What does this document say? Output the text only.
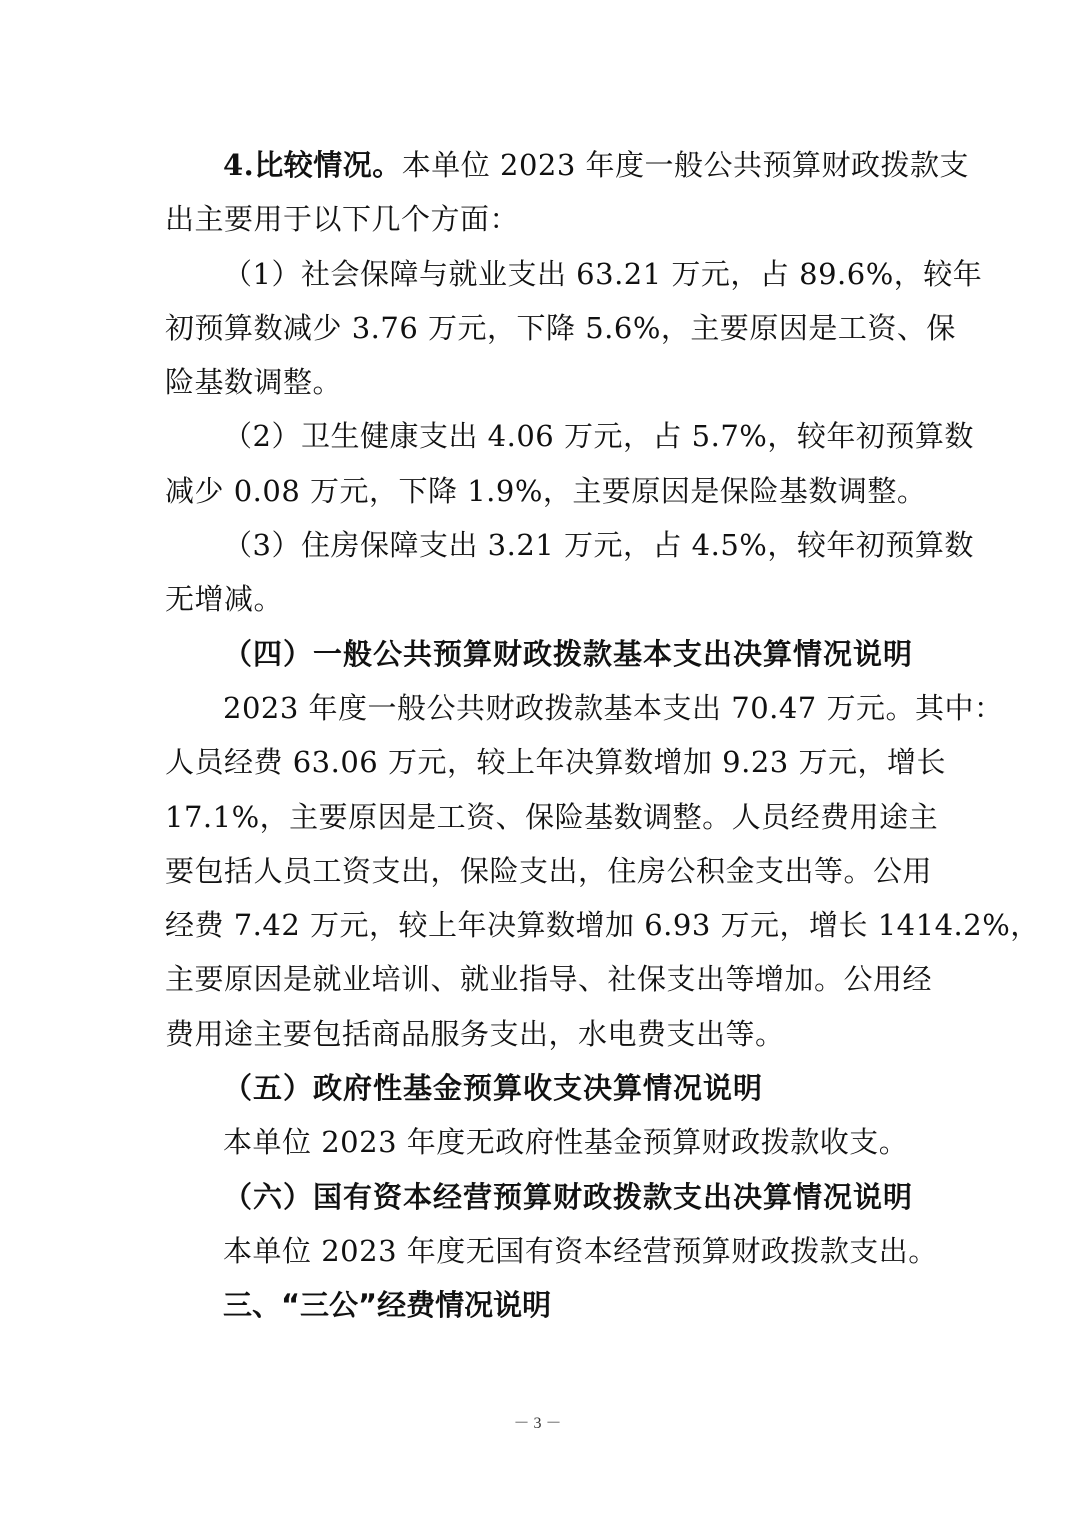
4.比较情况。本单位 2023 年度一般公共预算财政拨款支
出主要用于以下几个方面：
（1）社会保障与就业支出 63.21 万元，占 89.6%，较年
初预算数减少 3.76 万元，下降 5.6%，主要原因是工资、保
险基数调整。
（2）卫生健康支出 4.06 万元，占 5.7%，较年初预算数
减少 0.08 万元，下降 1.9%，主要原因是保险基数调整。
（3）住房保障支出 3.21 万元，占 4.5%，较年初预算数
无增减。
（四）一般公共预算财政拨款基本支出决算情况说明
2023 年度一般公共财政拨款基本支出 70.47 万元。其中：
人员经费 63.06 万元，较上年决算数增加 9.23 万元，增长
17.1%，主要原因是工资、保险基数调整。人员经费用途主
要包括人员工资支出，保险支出，住房公积金支出等。公用
经费 7.42 万元，较上年决算数增加 6.93 万元，增长 1414.2%，
主要原因是就业培训、就业指导、社保支出等增加。公用经
费用途主要包括商品服务支出，水电费支出等。
（五）政府性基金预算收支决算情况说明
本单位 2023 年度无政府性基金预算财政拨款收支。
（六）国有资本经营预算财政拨款支出决算情况说明
本单位 2023 年度无国有资本经营预算财政拨款支出。
三、“三公”经费情况说明
－ 3 －
